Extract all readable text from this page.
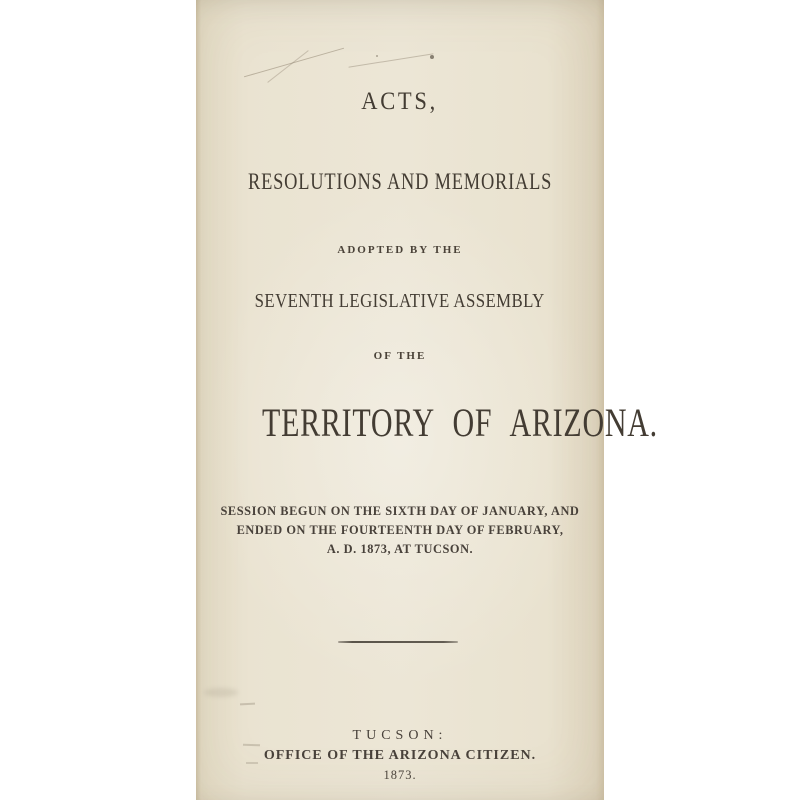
ACTS,
RESOLUTIONS AND MEMORIALS
ADOPTED BY THE
SEVENTH LEGISLATIVE ASSEMBLY
OF THE
TERRITORY OF ARIZONA.
SESSION BEGUN ON THE SIXTH DAY OF JANUARY, AND
ENDED ON THE FOURTEENTH DAY OF FEBRUARY,
A. D. 1873, AT TUCSON.
TUCSON:
OFFICE OF THE ARIZONA CITIZEN.
1873.
